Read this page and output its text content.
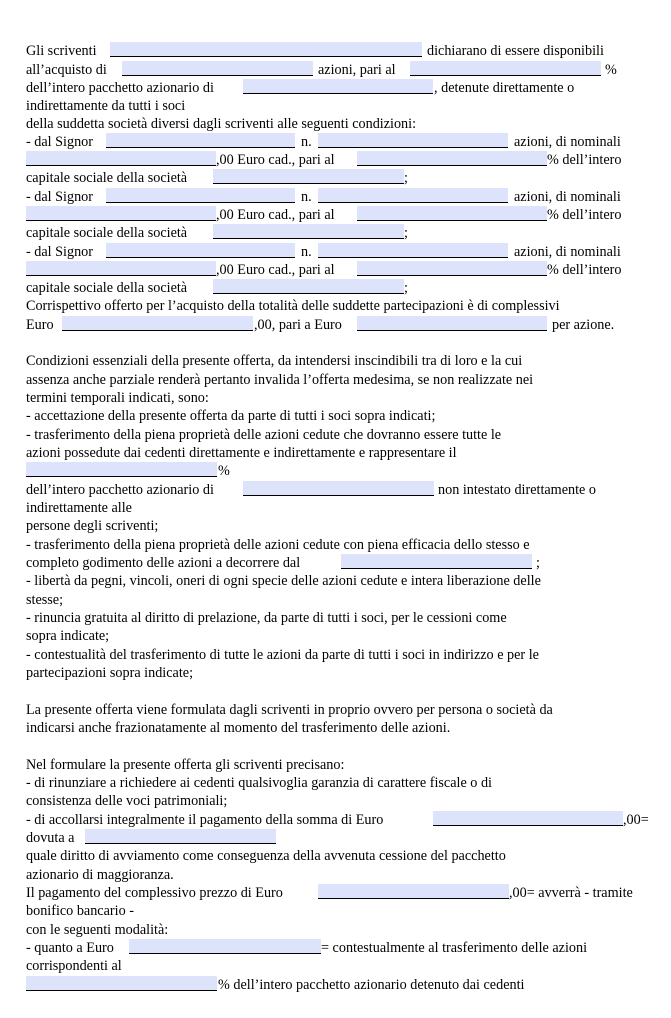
Gli scriventi	dichiarano di essere disponibili
all’acquisto di	azioni, pari al	%
dell’intero pacchetto azionario di	, detenute direttamente o
indirettamente da tutti i soci
della suddetta società diversi dagli scriventi alle seguenti condizioni:
- dal Signor	n.	azioni, di nominali
,00 Euro cad., pari al	% dell’intero
capitale sociale della società	;
- dal Signor	n.	azioni, di nominali
,00 Euro cad., pari al	% dell’intero
capitale sociale della società	;
- dal Signor	n.	azioni, di nominali
,00 Euro cad., pari al	% dell’intero
capitale sociale della società	;
Corrispettivo offerto per l’acquisto della totalità delle suddette partecipazioni è di complessivi
Euro	,00, pari a Euro	per azione.
Condizioni essenziali della presente offerta, da intendersi inscindibili tra di loro e la cui
assenza anche parziale renderà pertanto invalida l’offerta medesima, se non realizzate nei
termini temporali indicati, sono:
- accettazione della presente offerta da parte di tutti i soci sopra indicati;
- trasferimento della piena proprietà delle azioni cedute che dovranno essere tutte le
azioni possedute dai cedenti direttamente e indirettamente e rappresentare il
%
dell’intero pacchetto azionario di	non intestato direttamente o
indirettamente alle
persone degli scriventi;
- trasferimento della piena proprietà delle azioni cedute con piena efficacia dello stesso e
completo godimento delle azioni a decorrere dal	;
- libertà da pegni, vincoli, oneri di ogni specie delle azioni cedute e intera liberazione delle
stesse;
- rinuncia gratuita al diritto di prelazione, da parte di tutti i soci, per le cessioni come
sopra indicate;
- contestualità del trasferimento di tutte le azioni da parte di tutti i soci in indirizzo e per le
partecipazioni sopra indicate;
La presente offerta viene formulata dagli scriventi in proprio ovvero per persona o società da
indicarsi anche frazionatamente al momento del trasferimento delle azioni.
Nel formulare la presente offerta gli scriventi precisano:
- di rinunziare a richiedere ai cedenti qualsivoglia garanzia di carattere fiscale o di
consistenza delle voci patrimoniali;
- di accollarsi integralmente il pagamento della somma di Euro	,00=
dovuta a
quale diritto di avviamento come conseguenza della avvenuta cessione del pacchetto
azionario di maggioranza.
Il pagamento del complessivo prezzo di Euro	,00= avverrà - tramite
bonifico bancario -
con le seguenti modalità:
- quanto a Euro	= contestualmente al trasferimento delle azioni
corrispondenti al
% dell’intero pacchetto azionario detenuto dai cedenti
